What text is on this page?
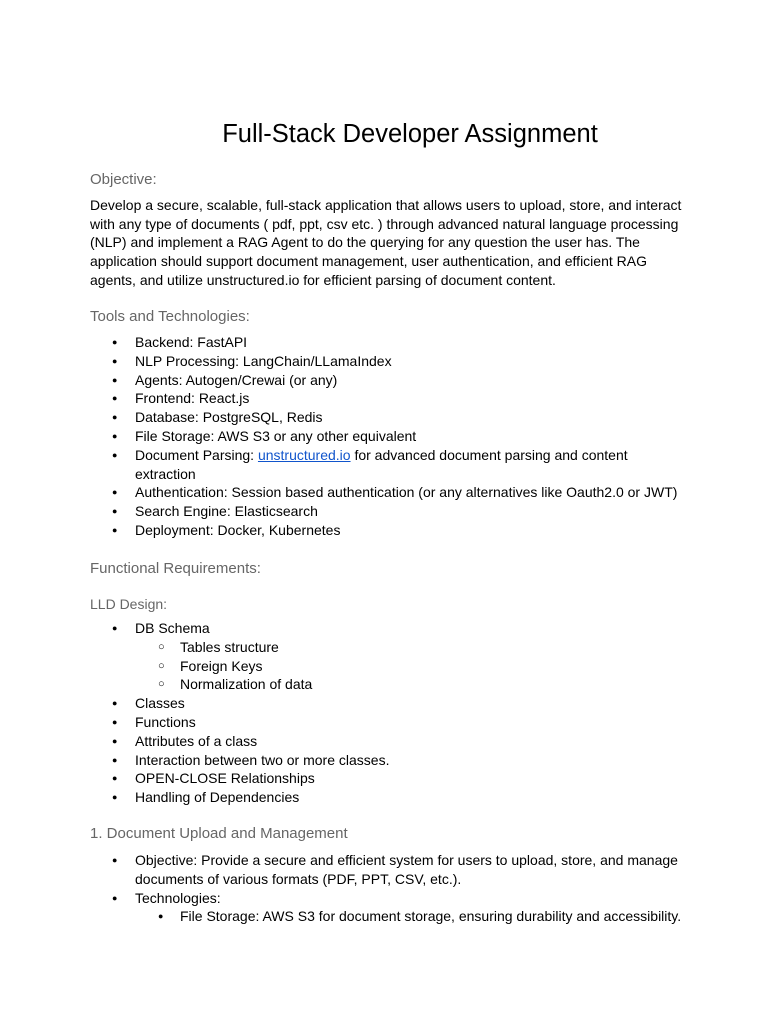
Full-Stack Developer Assignment
Objective:

Develop a secure, scalable, full-stack application that allows users to upload, store, and interact with any type of documents ( pdf, ppt, csv etc. ) through advanced natural language processing (NLP) and implement a RAG Agent to do the querying for any question the user has. The application should support document management, user authentication, and efficient RAG agents, and utilize unstructured.io for efficient parsing of document content.

Tools and Technologies:
● Backend: FastAPI
● NLP Processing: LangChain/LLamaIndex
● Agents: Autogen/Crewai (or any)
● Frontend: React.js
● Database: PostgreSQL, Redis
● File Storage: AWS S3 or any other equivalent
● Document Parsing: unstructured.io for advanced document parsing and content extraction
● Authentication: Session based authentication (or any alternatives like Oauth2.0 or JWT)
● Search Engine: Elasticsearch
● Deployment: Docker, Kubernetes
Functional Requirements:
LLD Design:
● DB Schema
○ Tables structure
○ Foreign Keys
○ Normalization of data
● Classes
● Functions
● Attributes of a class
● Interaction between two or more classes.
● OPEN-CLOSE Relationships
● Handling of Dependencies
1. Document Upload and Management
● Objective: Provide a secure and efficient system for users to upload, store, and manage documents of various formats (PDF, PPT, CSV, etc.).
● Technologies:
● File Storage: AWS S3 for document storage, ensuring durability and accessibility.
